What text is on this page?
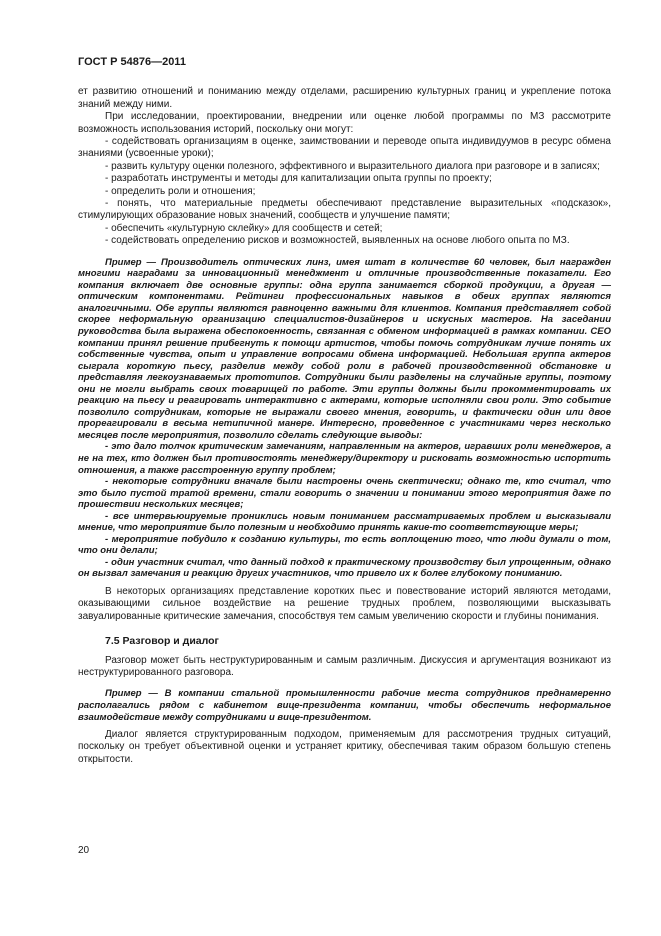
ГОСТ Р 54876—2011

ет развитию отношений и пониманию между отделами, расширению культурных границ и укрепление потока знаний между ними.

При исследовании, проектировании, внедрении или оценке любой программы по МЗ рассмотрите возможность использования историй, поскольку они могут:

- содействовать организациям в оценке, заимствовании и переводе опыта индивидуумов в ресурс обмена знаниями (усвоенные уроки);

- развить культуру оценки полезного, эффективного и выразительного диалога при разговоре и в записях;

- разработать инструменты и методы для капитализации опыта группы по проекту;

- определить роли и отношения;

- понять, что материальные предметы обеспечивают представление выразительных «подсказок», стимулирующих образование новых значений, сообществ и улучшение памяти;

- обеспечить «культурную склейку» для сообществ и сетей;

- содействовать определению рисков и возможностей, выявленных на основе любого опыта по МЗ.

Пример — Производитель оптических линз, имея штат в количестве 60 человек, был награжден многими наградами за инновационный менеджмент и отличные производственные показатели. Его компания включает две основные группы: одна группа занимается сборкой продукции, а другая — оптическим компонентами. Рейтинги профессиональных навыков в обеих группах являются аналогичными. Обе группы являются равноценно важными для клиентов. Компания представляет собой скорее неформальную организацию специалистов-дизайнеров и искусных мастеров. На заседании руководства была выражена обеспокоенность, связанная с обменом информацией в рамках компании. CEO компании принял решение прибегнуть к помощи артистов, чтобы помочь сотрудникам лучше понять их собственные чувства, опыт и управление вопросами обмена информацией. Небольшая группа актеров сыграла короткую пьесу, разделив между собой роли в рабочей производственной обстановке и представляя легкоузнаваемых прототипов. Сотрудники были разделены на случайные группы, поэтому они не могли выбрать своих товарищей по работе. Эти группы должны были прокомментировать их реакцию на пьесу и реагировать интерактивно с актерами, которые исполняли свои роли. Это событие позволило сотрудникам, которые не выражали своего мнения, говорить, и фактически один или двое прореагировали в весьма нетипичной манере. Интересно, проведенное с участниками через несколько месяцев после мероприятия, позволило сделать следующие выводы:

- это дало толчок критическим замечаниям, направленным на актеров, игравших роли менеджеров, а не на тех, кто должен был противостоять менеджеру/директору и рисковать возможностью испортить отношения, а также расстроенную группу проблем;

- некоторые сотрудники вначале были настроены очень скептически; однако те, кто считал, что это было пустой тратой времени, стали говорить о значении и понимании этого мероприятия даже по прошествии нескольких месяцев;

- все интервьюируемые прониклись новым пониманием рассматриваемых проблем и высказывали мнение, что мероприятие было полезным и необходимо принять какие-то соответствующие меры;

- мероприятие побудило к созданию культуры, то есть воплощению того, что люди думали о том, что они делали;

- один участник считал, что данный подход к практическому производству был упрощенным, однако он вызвал замечания и реакцию других участников, что привело их к более глубокому пониманию.

В некоторых организациях представление коротких пьес и повествование историй являются методами, оказывающими сильное воздействие на решение трудных проблем, позволяющими высказывать завуалированные критические замечания, способствуя тем самым увеличению скорости и глубины понимания.

7.5 Разговор и диалог

Разговор может быть неструктурированным и самым различным. Дискуссия и аргументация возникают из неструктурированного разговора.

Пример — В компании стальной промышленности рабочие места сотрудников преднамеренно располагались рядом с кабинетом вице-президента компании, чтобы обеспечить неформальное взаимодействие между сотрудниками и вице-президентом.

Диалог является структурированным подходом, применяемым для рассмотрения трудных ситуаций, поскольку он требует объективной оценки и устраняет критику, обеспечивая таким образом большую степень открытости.

20
